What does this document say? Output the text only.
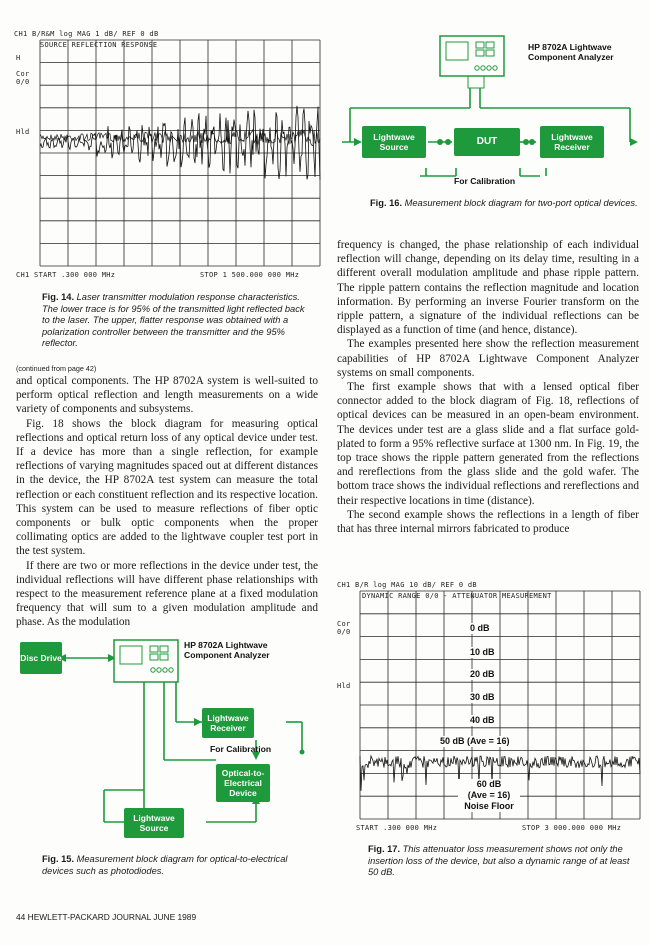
CH1 B/R&M log MAG 1 dB/ REF 0 dB
SOURCE REFLECTION RESPONSE
H
Cor
0/0
Hld
CH1 START .300 000 MHz	STOP 1 500.000 000 MHz
Fig. 14. Laser transmitter modulation response characteristics. The lower trace is for 95% of the transmitted light reflected back to the laser. The upper, flatter response was obtained with a polarization controller between the transmitter and the 95% reflector.
(continued from page 42)

and optical components. The HP 8702A system is well-suited to perform optical reflection and length measurements on a wide variety of components and subsystems.

Fig. 18 shows the block diagram for measuring optical reflections and optical return loss of any optical device under test. If a device has more than a single reflection, for example reflections of varying magnitudes spaced out at different distances in the device, the HP 8702A test system can measure the total reflection or each constituent reflection and its respective location. This system can be used to measure reflections of fiber optic components or bulk optic components when the proper collimating optics are added to the lightwave coupler test port in the test system.

If there are two or more reflections in the device under test, the individual reflections will have different phase relationships with respect to the measurement reference plane at a fixed modulation frequency that will sum to a given modulation amplitude and phase. As the modulation

Disc Drive
HP 8702A Lightwave Component Analyzer
Lightwave Receiver
For Calibration
Optical-to-Electrical Device
Lightwave Source
Fig. 15. Measurement block diagram for optical-to-electrical devices such as photodiodes.
HP 8702A Lightwave Component Analyzer
Lightwave Source	DUT	Lightwave Receiver
For Calibration
Fig. 16. Measurement block diagram for two-port optical devices.

frequency is changed, the phase relationship of each individual reflection will change, depending on its delay time, resulting in a different overall modulation amplitude and phase ripple pattern. The ripple pattern contains the reflection magnitude and location information. By performing an inverse Fourier transform on the ripple pattern, a signature of the individual reflections can be displayed as a function of time (and hence, distance).

The examples presented here show the reflection measurement capabilities of HP 8702A Lightwave Component Analyzer systems on small components.

The first example shows that with a lensed optical fiber connector added to the block diagram of Fig. 18, reflections of optical devices can be measured in an open-beam environment. The devices under test are a glass slide and a flat surface gold-plated to form a 95% reflective surface at 1300 nm. In Fig. 19, the top trace shows the ripple pattern generated from the reflections and rereflections from the glass slide and the gold wafer. The bottom trace shows the individual reflections and rereflections and their respective locations in time (distance).

The second example shows the reflections in a length of fiber that has three internal mirrors fabricated to produce

CH1 B/R log MAG 10 dB/ REF 0 dB
DYNAMIC RANGE 0/0 - ATTENUATOR MEASUREMENT
Cor
0/0
Hld
0 dB
10 dB
20 dB
30 dB
40 dB
50 dB (Ave = 16)
60 dB
(Ave = 16)
Noise Floor
START .300 000 MHz	STOP 3 000.000 000 MHz
Fig. 17. This attenuator loss measurement shows not only the insertion loss of the device, but also a dynamic range of at least 50 dB.
44 HEWLETT-PACKARD JOURNAL JUNE 1989
